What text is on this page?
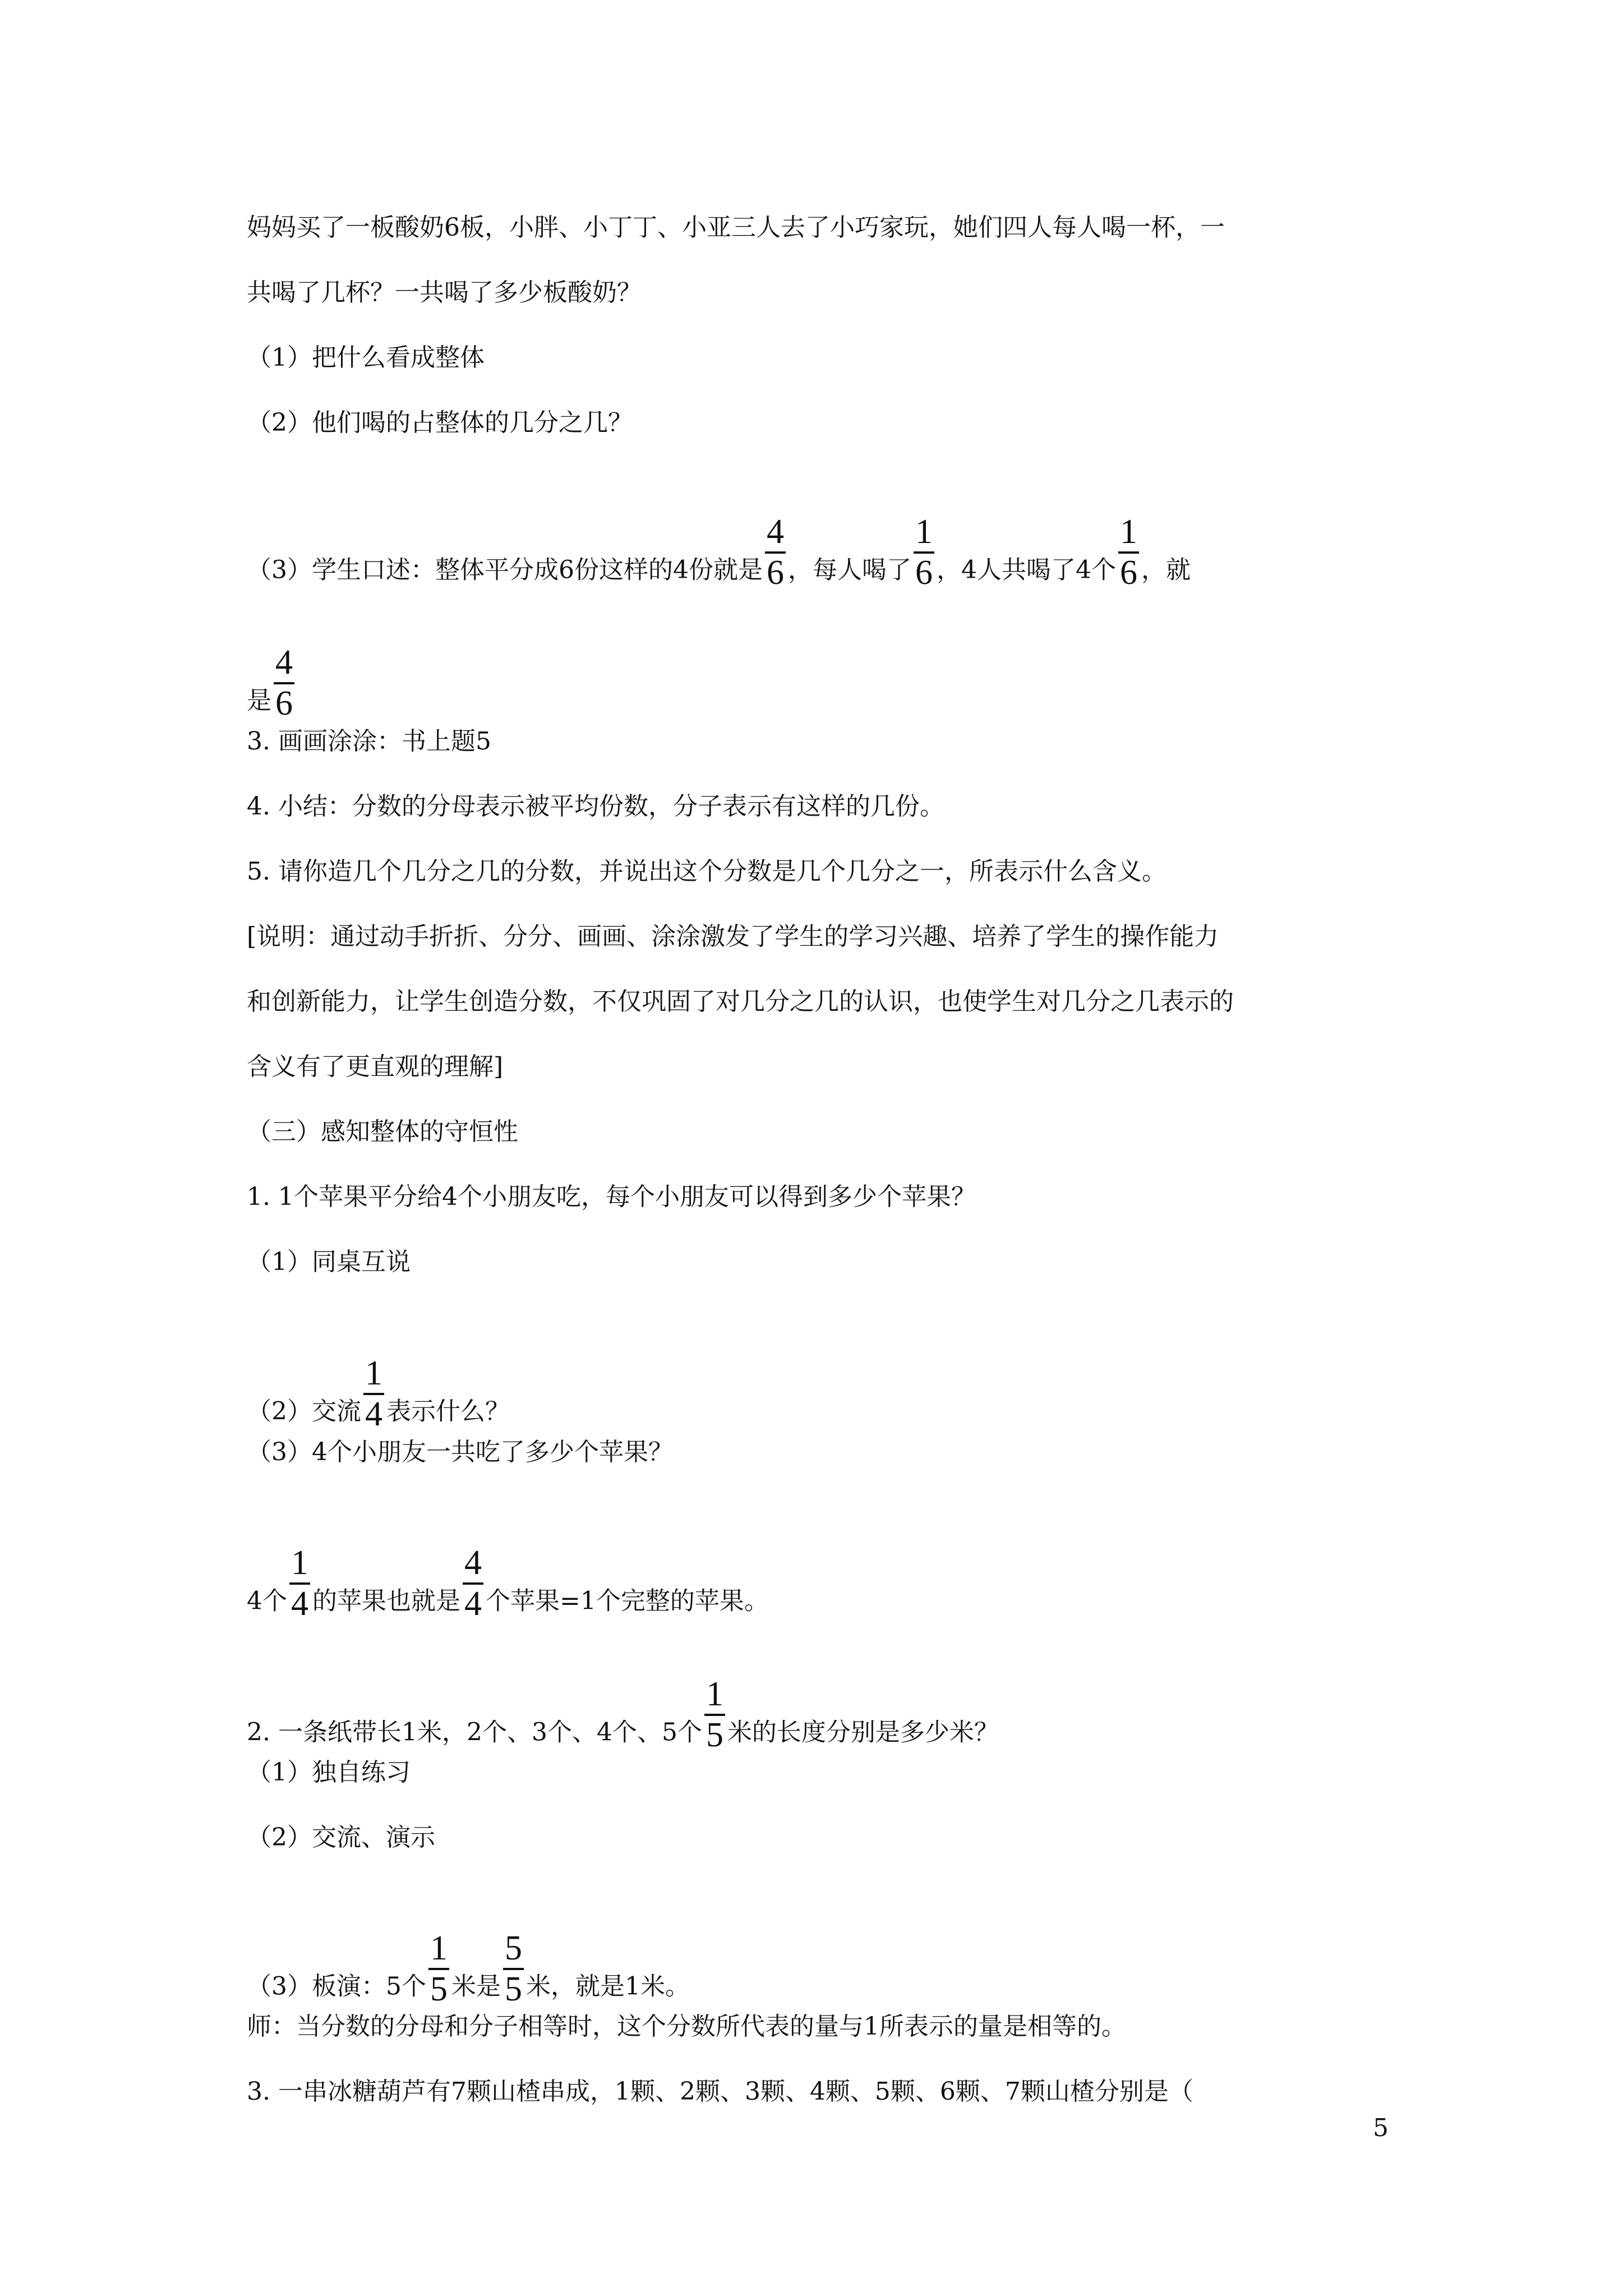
妈妈买了一板酸奶6板，小胖、小丁丁、小亚三人去了小巧家玩，她们四人每人喝一杯，一
共喝了几杯？一共喝了多少板酸奶？
（1）把什么看成整体
（2）他们喝的占整体的几分之几？
（3）学生口述：整体平分成6份这样的4份就是 $\frac{4}{6}$ ，每人喝了 $\frac{1}{6}$ ，4人共喝了4个 $\frac{1}{6}$ ，就
是 $\frac{4}{6}$
3. 画画涂涂：书上题5
4. 小结：分数的分母表示被平均份数，分子表示有这样的几份。
5. 请你造几个几分之几的分数，并说出这个分数是几个几分之一，所表示什么含义。
[说明：通过动手折折、分分、画画、涂涂激发了学生的学习兴趣、培养了学生的操作能力
和创新能力，让学生创造分数，不仅巩固了对几分之几的认识，也使学生对几分之几表示的
含义有了更直观的理解]
（三）感知整体的守恒性
1. 1个苹果平分给4个小朋友吃，每个小朋友可以得到多少个苹果？
（1）同桌互说
（2）交流 $\frac{1}{4}$ 表示什么？
（3）4个小朋友一共吃了多少个苹果？
4个 $\frac{1}{4}$ 的苹果也就是 $\frac{4}{4}$ 个苹果=1个完整的苹果。
2. 一条纸带长1米，2个、3个、4个、5个 $\frac{1}{5}$ 米的长度分别是多少米？
（1）独自练习
（2）交流、演示
（3）板演：5个 $\frac{1}{5}$ 米是 $\frac{5}{5}$ 米，就是1米。
师：当分数的分母和分子相等时，这个分数所代表的量与1所表示的量是相等的。
3. 一串冰糖葫芦有7颗山楂串成，1颗、2颗、3颗、4颗、5颗、6颗、7颗山楂分别是（
5
